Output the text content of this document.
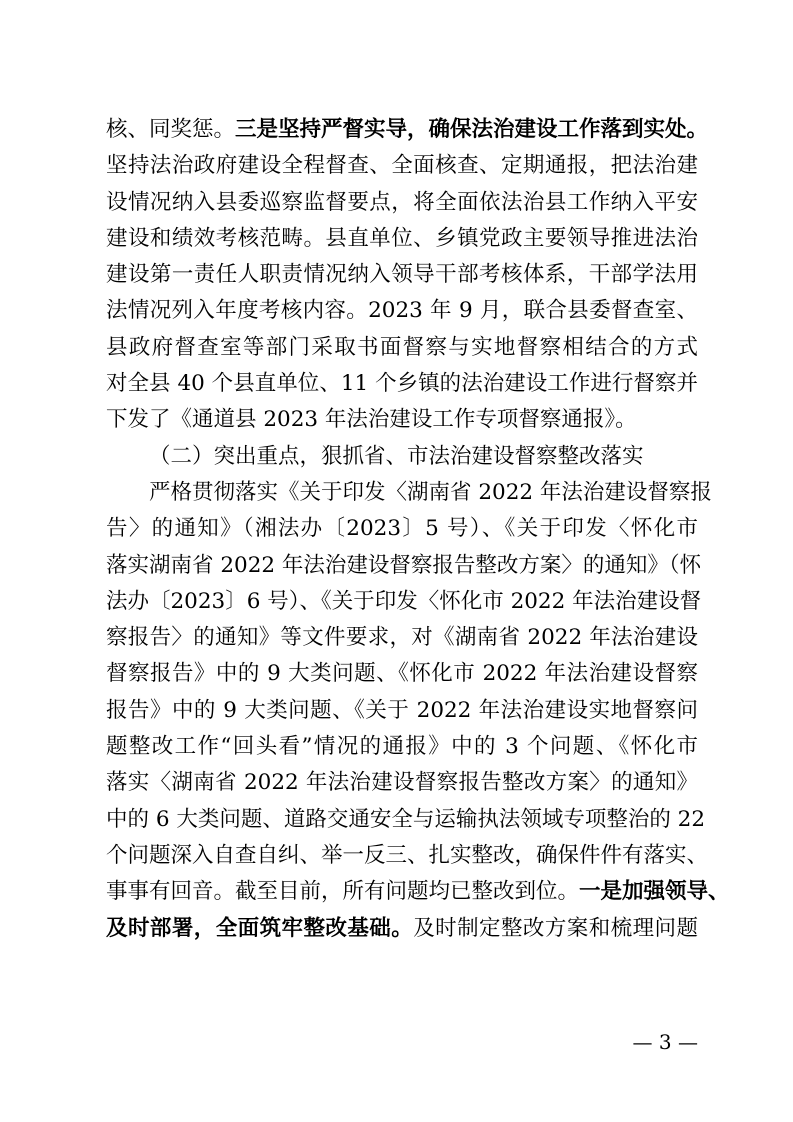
核、同奖惩。三是坚持严督实导，确保法治建设工作落到实处。
坚持法治政府建设全程督查、全面核查、定期通报，把法治建
设情况纳入县委巡察监督要点，将全面依法治县工作纳入平安
建设和绩效考核范畴。县直单位、乡镇党政主要领导推进法治
建设第一责任人职责情况纳入领导干部考核体系，干部学法用
法情况列入年度考核内容。2023 年 9 月，联合县委督查室、
县政府督查室等部门采取书面督察与实地督察相结合的方式
对全县 40 个县直单位、11 个乡镇的法治建设工作进行督察并
下发了《通道县 2023 年法治建设工作专项督察通报》。
（二）突出重点，狠抓省、市法治建设督察整改落实
严格贯彻落实《关于印发〈湖南省 2022 年法治建设督察报
告〉的通知》（湘法办〔2023〕5 号）、《关于印发〈怀化市
落实湖南省 2022 年法治建设督察报告整改方案〉的通知》（怀
法办〔2023〕6 号）、《关于印发〈怀化市 2022 年法治建设督
察报告〉的通知》等文件要求，对《湖南省 2022 年法治建设
督察报告》中的 9 大类问题、《怀化市 2022 年法治建设督察
报告》中的 9 大类问题、《关于 2022 年法治建设实地督察问
题整改工作“回头看”情况的通报》中的 3 个问题、《怀化市
落实〈湖南省 2022 年法治建设督察报告整改方案〉的通知》
中的 6 大类问题、道路交通安全与运输执法领域专项整治的 22
个问题深入自查自纠、举一反三、扎实整改，确保件件有落实、
事事有回音。截至目前，所有问题均已整改到位。一是加强领导、
及时部署，全面筑牢整改基础。及时制定整改方案和梳理问题
— 3 —
